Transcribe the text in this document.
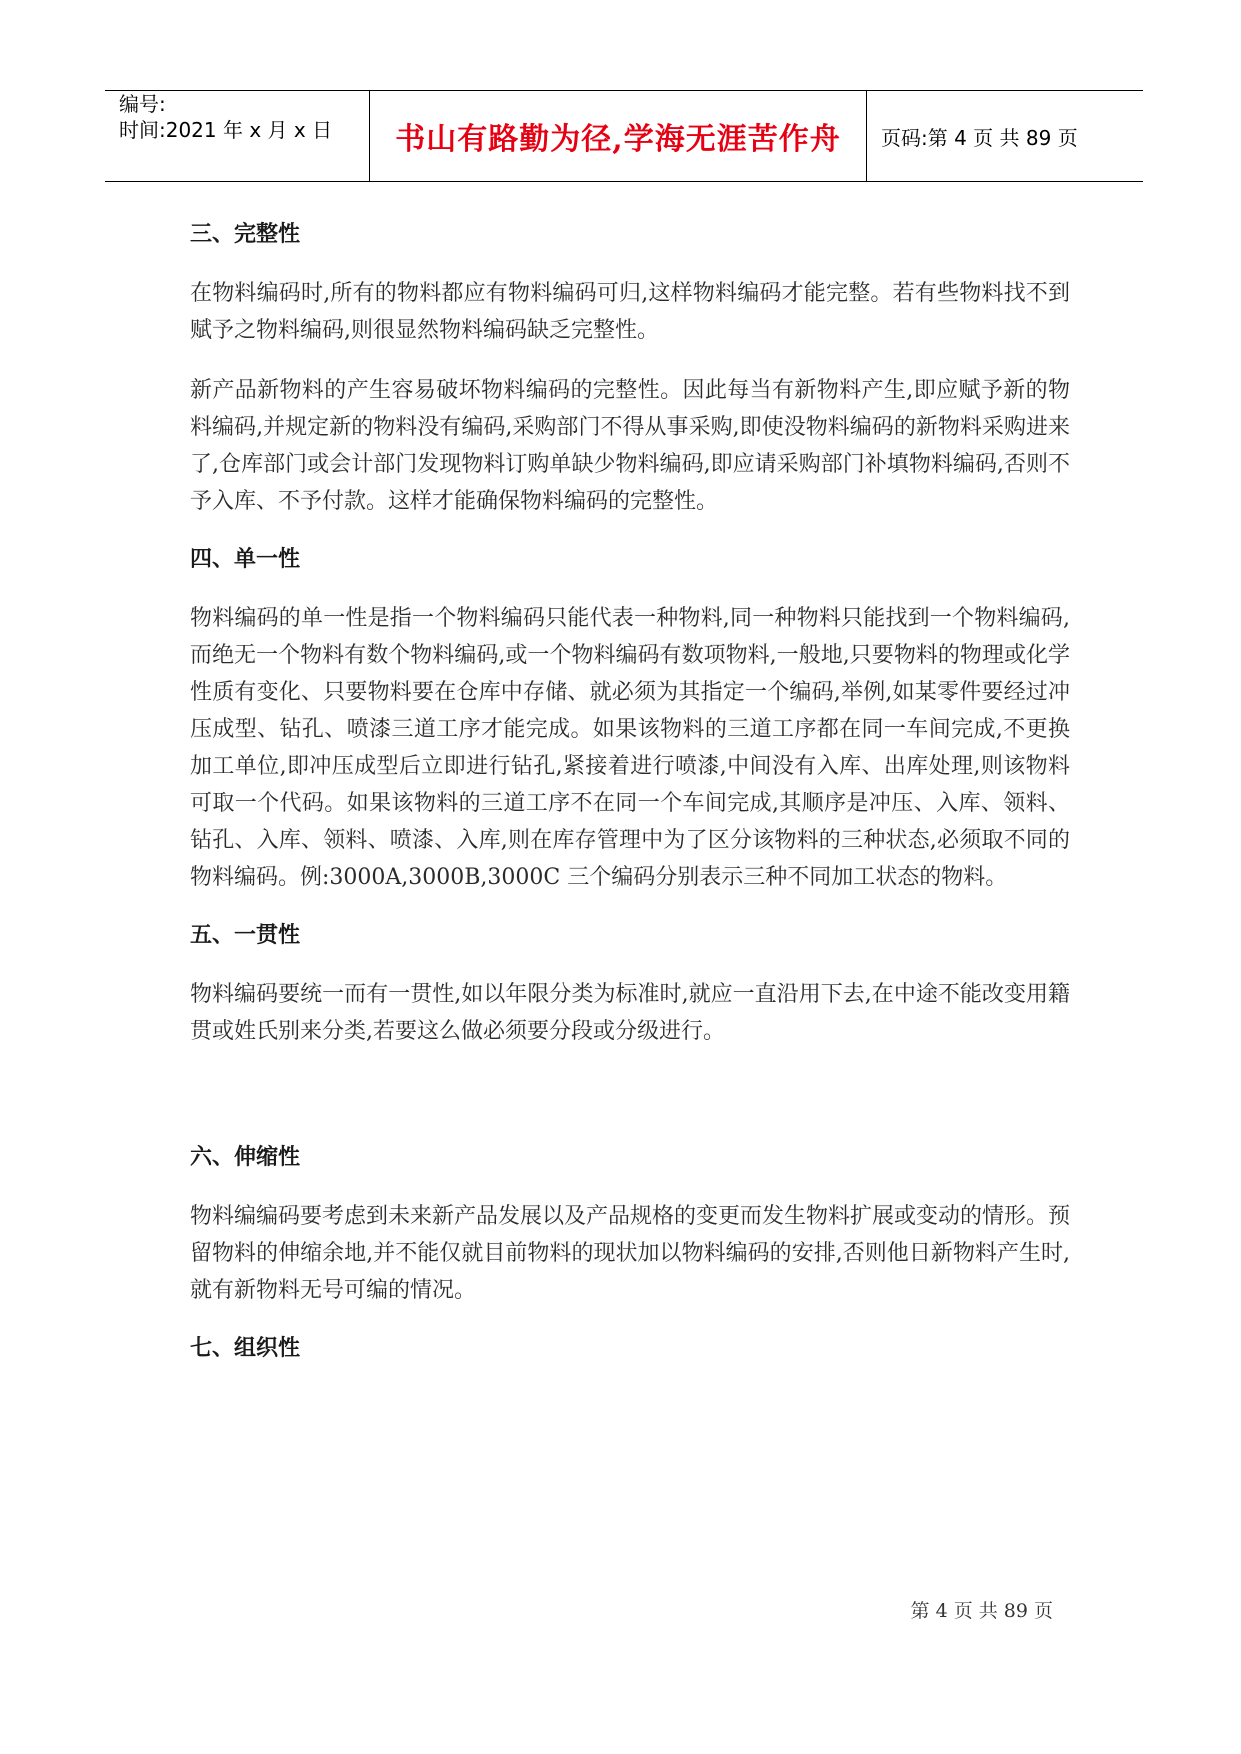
编号:
时间:2021 年 x 月 x 日	书山有路勤为径,学海无涯苦作舟 页码:第 4 页 共 89 页
三、完整性

在物料编码时,所有的物料都应有物料编码可归,这样物料编码才能完整。若有些物料找不到赋予之物料编码,则很显然物料编码缺乏完整性。

新产品新物料的产生容易破坏物料编码的完整性。因此每当有新物料产生,即应赋予新的物料编码,并规定新的物料没有编码,采购部门不得从事采购,即使没物料编码的新物料采购进来了,仓库部门或会计部门发现物料订购单缺少物料编码,即应请采购部门补填物料编码,否则不予入库、不予付款。这样才能确保物料编码的完整性。

四、单一性

物料编码的单一性是指一个物料编码只能代表一种物料,同一种物料只能找到一个物料编码,而绝无一个物料有数个物料编码,或一个物料编码有数项物料,一般地,只要物料的物理或化学性质有变化、只要物料要在仓库中存储、就必须为其指定一个编码,举例,如某零件要经过冲压成型、钻孔、喷漆三道工序才能完成。如果该物料的三道工序都在同一车间完成,不更换加工单位,即冲压成型后立即进行钻孔,紧接着进行喷漆,中间没有入库、出库处理,则该物料可取一个代码。如果该物料的三道工序不在同一个车间完成,其顺序是冲压、入库、领料、钻孔、入库、领料、喷漆、入库,则在库存管理中为了区分该物料的三种状态,必须取不同的物料编码。例:3000A,3000B,3000C 三个编码分别表示三种不同加工状态的物料。

五、一贯性

物料编码要统一而有一贯性,如以年限分类为标准时,就应一直沿用下去,在中途不能改变用籍贯或姓氏别来分类,若要这么做必须要分段或分级进行。

六、伸缩性

物料编编码要考虑到未来新产品发展以及产品规格的变更而发生物料扩展或变动的情形。预留物料的伸缩余地,并不能仅就目前物料的现状加以物料编码的安排,否则他日新物料产生时,就有新物料无号可编的情况。

七、组织性
第 4 页 共 89 页
